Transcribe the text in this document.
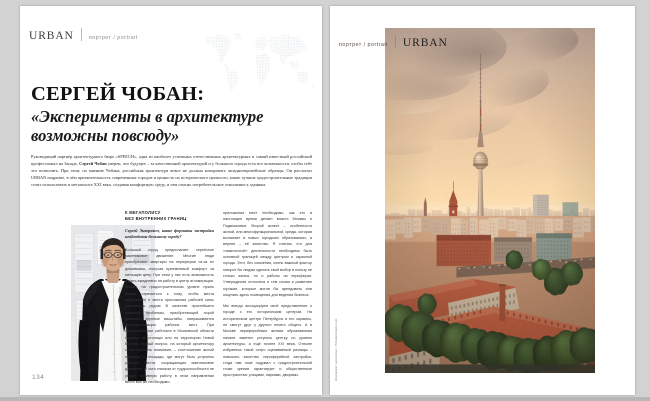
URBAN	портрет / portrait
СЕРГЕЙ ЧОБАН:
«Эксперименты в архитектуре возможны повсюду»

Руководящий партнёр архитектурного бюро «SPEECH», одна из наиболее успешных отечественных архитектурных и самый известный российский профессионал на Западе, Сергей Чобан уверен, что будущее – за качественной архитектурой и у большого города есть все возможности, чтобы себе это позволить. При этом, по мнению Чобана, российская архитектура вовсе не должна копировать западноевропейские образцы. Он рассказал URBAN magazine, в чём притягательность современных городов и ценность их исторического прошлого, какие лучшие градостроительные традиции стоит использовать в мегаполисе XXI века, создавая комфортную среду, и чем опасно потребительское отношение к зданиям.

134
К МЕГАПОЛИСУ
БЕЗ ВНУТРЕННИХ ГРАНИЦ

Сергей Энверович, какие форматы застройки необходимы большому городу?

Большой город предполагает серьёзное маятниковое движение. Многие люди приобретают квартиры на периферии из-за их дешевизны, получая приемлемый комфорт за меньшую цену. При этом у них есть возможность ездить ежедневно на работу в центр агломерации. Значит, на градостроительном уровне нужно всегда стремиться к тому, чтобы места проживания и места приложения рабочей силы находились рядом. В качестве простейшего решения проблемы, приобретающей порой довольно крупные масштабы, напрашивается децентрализация рабочих мест. При проектировании работала в Московской области недавно от столицы или на территории Новой Москвы первый вопрос, на который архитектору стоит обратить внимание, – соотношение жилой площади и площади, где могут быть устроены рабочие места, сокращающие маятниковое движение. И хотя списком от трудоспособности не убудет, активную работу в этом направлении вести всё же необходимо.

приложения мест необходимо, как это в настоящее время делает власть Москвы и Подмосковья. Второй аспект – особенности жилой, или многофункциональной, среды, которая возникает в новых городских образованиях, а вернее – её качество. Я считаю, что для «зажиточной» деятельности необходимо быть основной границей между центром и окраиной города. Этот, без сомнения, очень важный фактор говорит бы людям сделать свой выбор в пользу не только жилья, но и работы на периферии. Утверждения относятся и тем слоям и развитию горожан, которые могли бы арендовать или покупать здесь помещения для ведения бизнеса.

Мы всегда ассоциируем своё представление о городе с его историческим центром. На историческом центре Петербурга и его окраины, не смогут друг у другого ничего общего. А в Москве периферийным жилым образованиям начали заметно уступать центру по уровню архитектуры, а ещё точнее XXI века. Отныне избранных такой остро оцениваемой разницы – повысить качество периферийной застройки, тогда там тоже подумал с градостроительной точки зрения гарантирует и общественные пространства: улицами, парками, дворами.

портрет / portrait URBAN
Alexander Lavrentiev / Shutterstock.com
